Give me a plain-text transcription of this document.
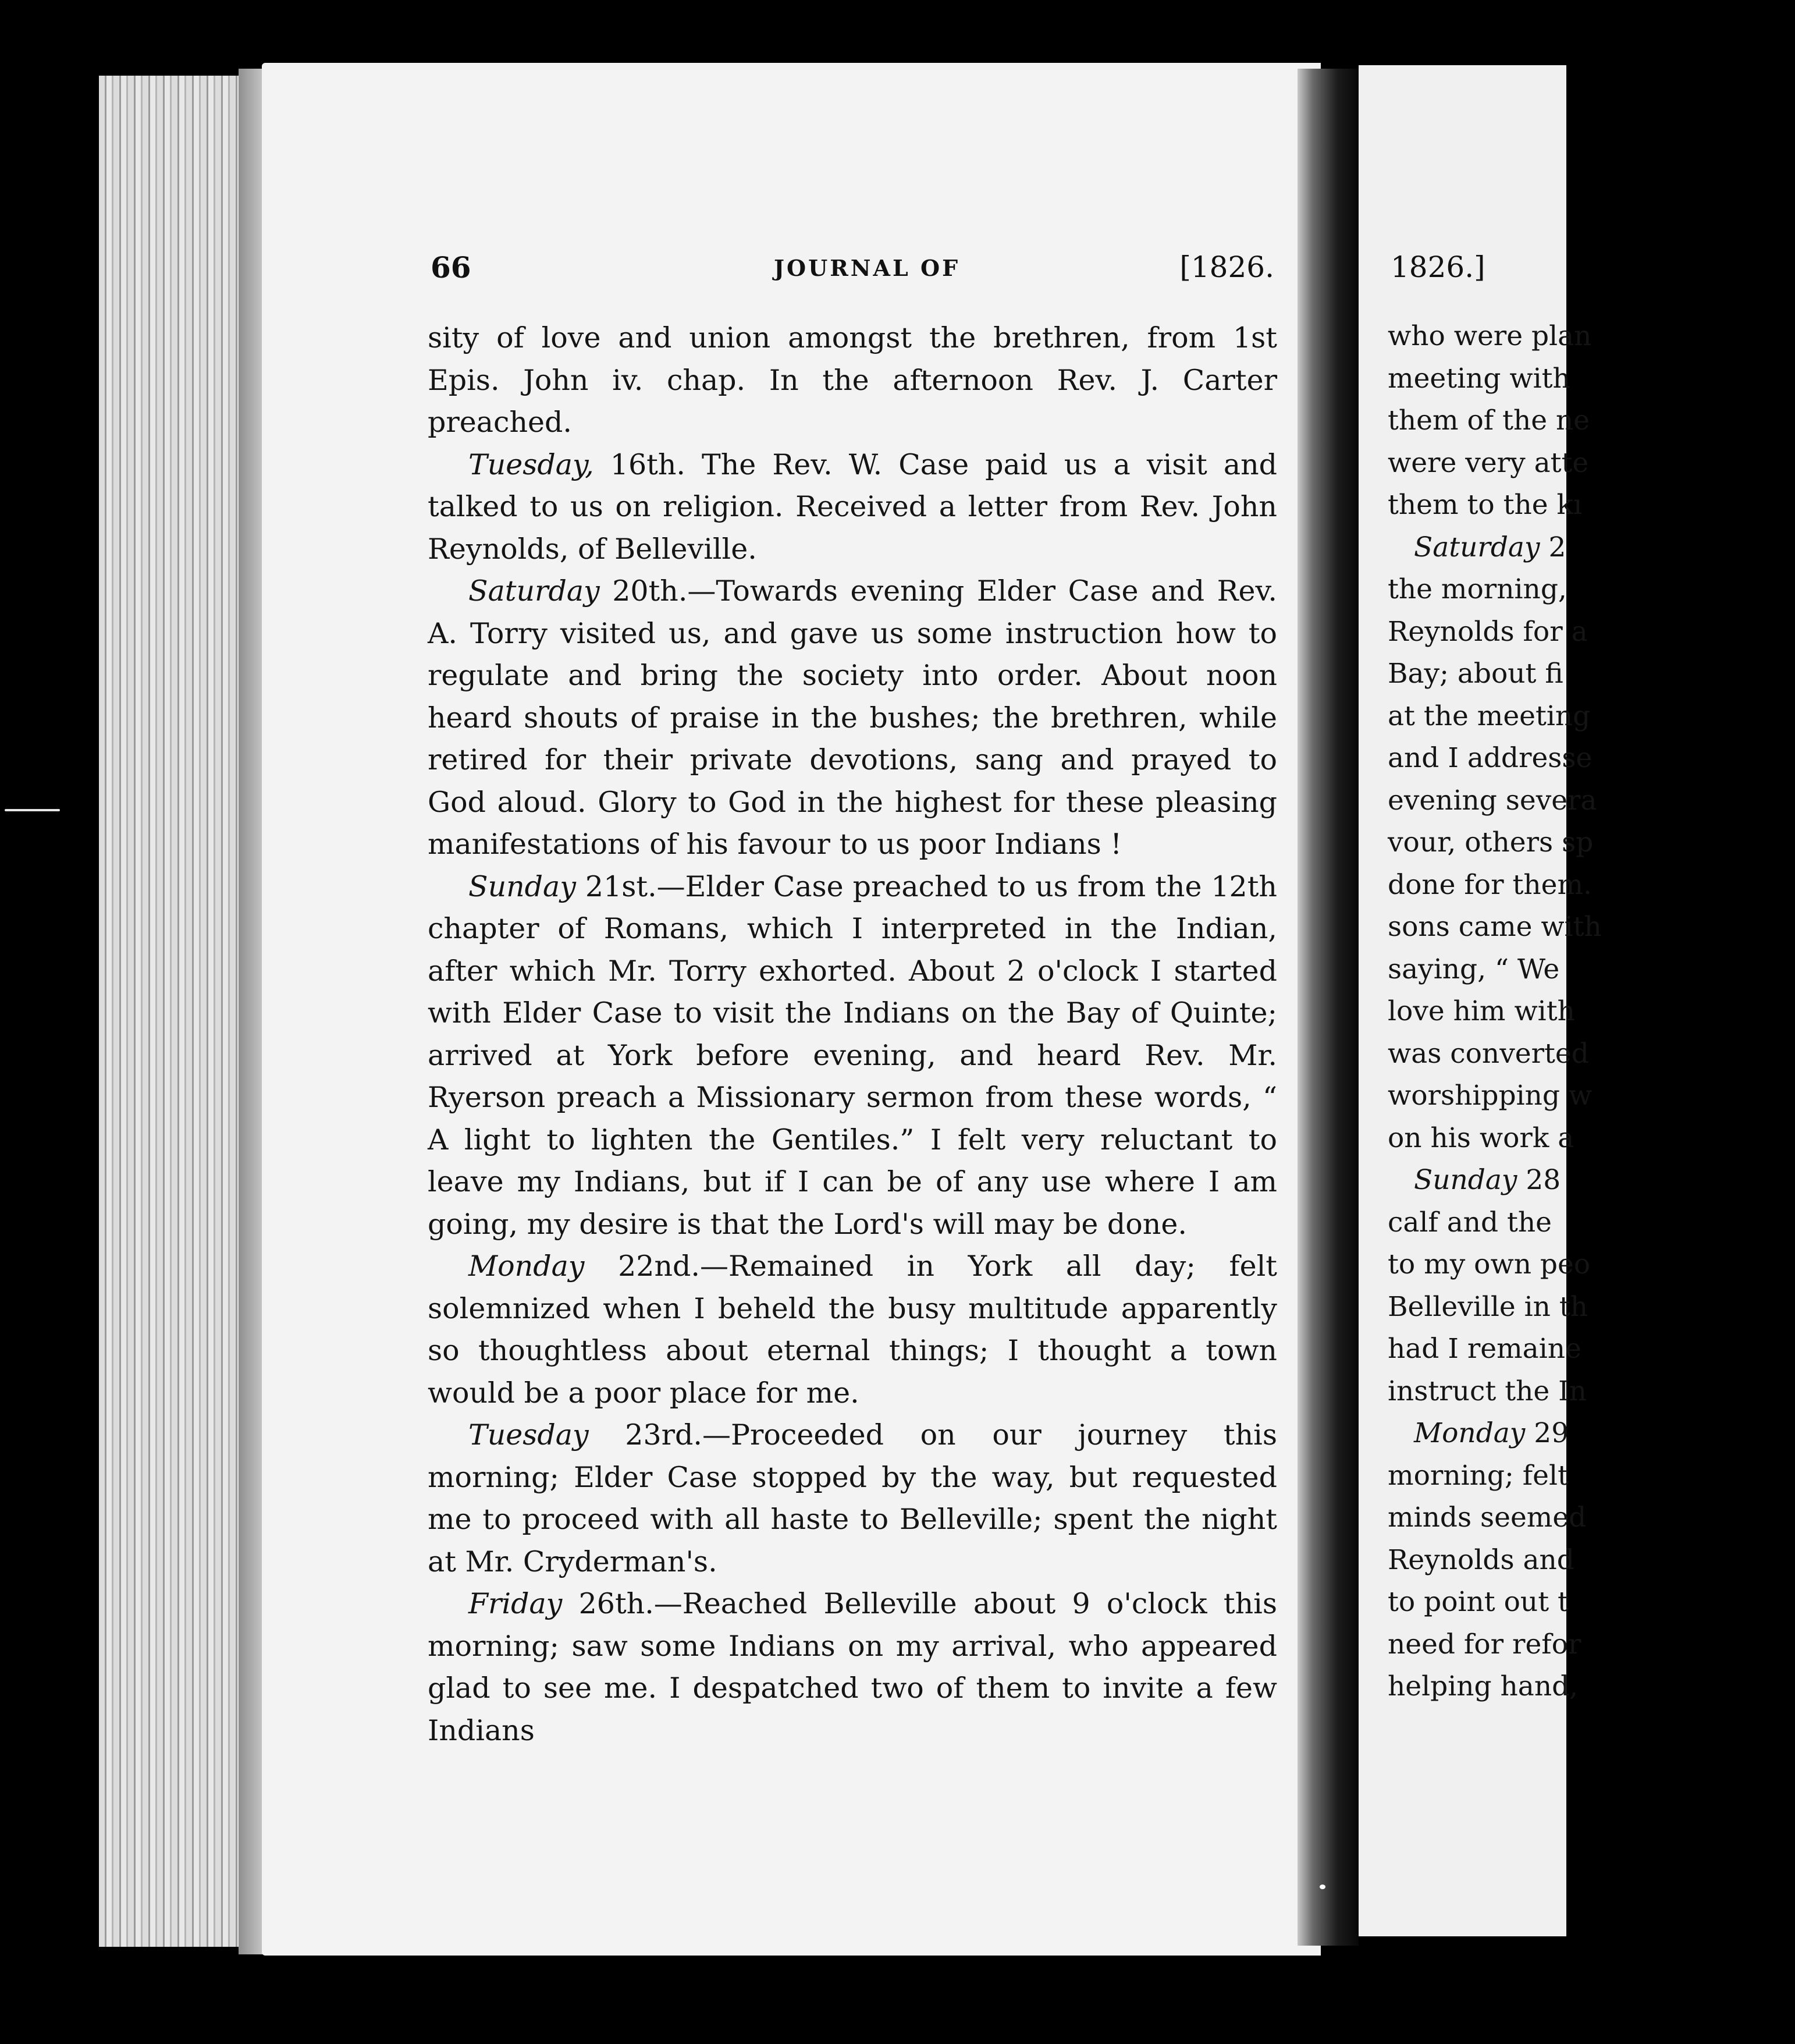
1826.]
who were plan
meeting with
them of the ne
were very atte
them to the kı
Saturday 2
the morning,
Reynolds for a
Bay; about fi
at the meeting
and I addresse
evening severa
vour, others sp
done for them.
sons came with
saying, “ We
love him with
was converted
worshipping w
on his work a
Sunday 28
calf and the
to my own peo
Belleville in th
had I remaine
instruct the In
Monday 29
morning; felt
minds seemed
Reynolds and
to point out t
need for refor
helping hand,
66	JOURNAL OF	[1826.

sity of love and union amongst the brethren, from 1st Epis. John iv. chap. In the afternoon Rev. J. Carter preached.

Tuesday, 16th. The Rev. W. Case paid us a visit and talked to us on religion. Received a letter from Rev. John Reynolds, of Belleville.

Saturday 20th.—Towards evening Elder Case and Rev. A. Torry visited us, and gave us some instruction how to regulate and bring the society into order. About noon heard shouts of praise in the bushes; the brethren, while retired for their private devotions, sang and prayed to God aloud. Glory to God in the highest for these pleasing manifestations of his favour to us poor Indians !

Sunday 21st.—Elder Case preached to us from the 12th chapter of Romans, which I interpreted in the Indian, after which Mr. Torry exhorted. About 2 o'clock I started with Elder Case to visit the Indians on the Bay of Quinte; arrived at York before evening, and heard Rev. Mr. Ryerson preach a Missionary sermon from these words, “ A light to lighten the Gentiles.” I felt very reluctant to leave my Indians, but if I can be of any use where I am going, my desire is that the Lord's will may be done.

Monday 22nd.—Remained in York all day; felt solemnized when I beheld the busy multitude apparently so thoughtless about eternal things; I thought a town would be a poor place for me.

Tuesday 23rd.—Proceeded on our journey this morning; Elder Case stopped by the way, but requested me to proceed with all haste to Belleville; spent the night at Mr. Cryderman's.

Friday 26th.—Reached Belleville about 9 o'clock this morning; saw some Indians on my arrival, who appeared glad to see me. I despatched two of them to invite a few Indians
